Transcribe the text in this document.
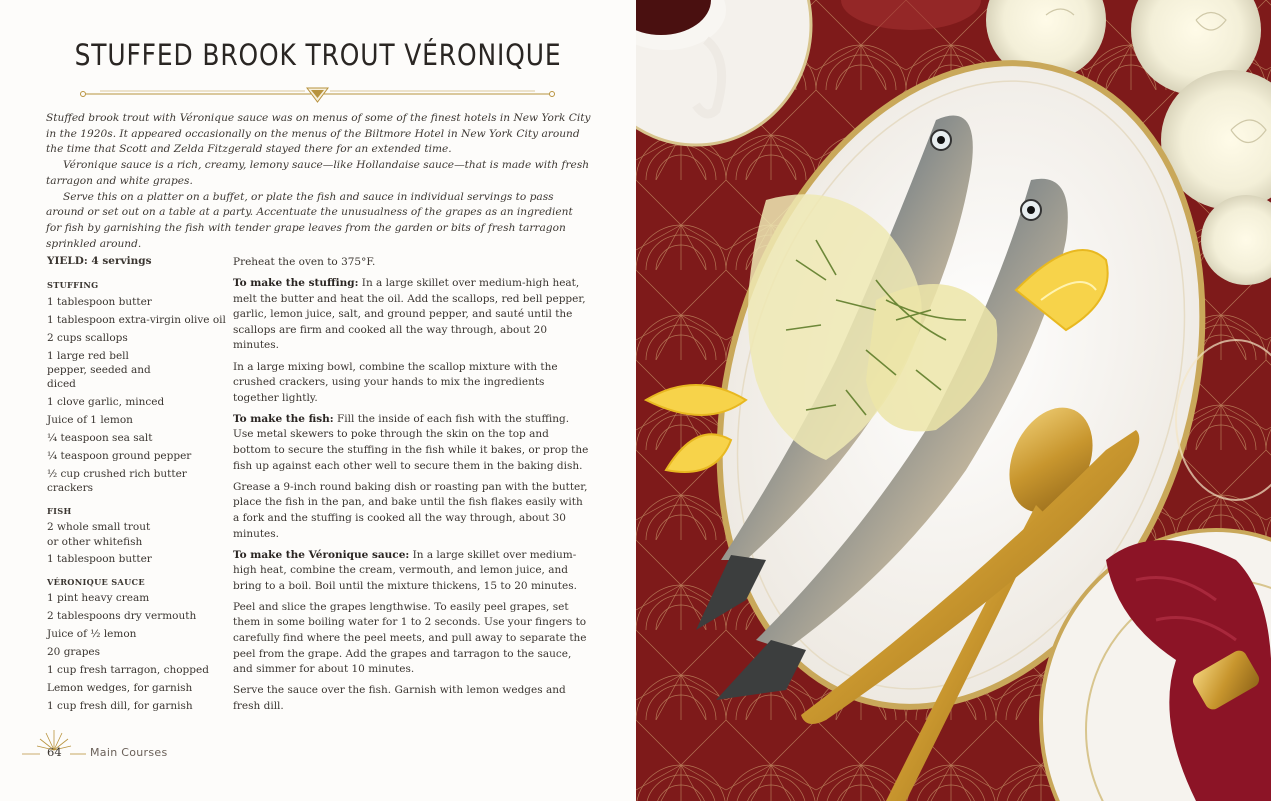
STUFFED BROOK TROUT VÉRONIQUE

Stuffed brook trout with Véronique sauce was on menus of some of the finest hotels in New York City in the 1920s. It appeared occasionally on the menus of the Biltmore Hotel in New York City around the time that Scott and Zelda Fitzgerald stayed there for an extended time.

Véronique sauce is a rich, creamy, lemony sauce—like Hollandaise sauce—that is made with fresh tarragon and white grapes.

Serve this on a platter on a buffet, or plate the fish and sauce in individual servings to pass around or set out on a table at a party. Accentuate the unusualness of the grapes as an ingredient for fish by garnishing the fish with tender grape leaves from the garden or bits of fresh tarragon sprinkled around.

YIELD: 4 servings
STUFFING
1 tablespoon butter
1 tablespoon extra-virgin olive oil
2 cups scallops
1 large red bell pepper, seeded and diced
1 clove garlic, minced
Juice of 1 lemon
¼ teaspoon sea salt
¼ teaspoon ground pepper
½ cup crushed rich butter crackers
FISH
2 whole small trout or other whitefish
1 tablespoon butter
VÉRONIQUE SAUCE
1 pint heavy cream
2 tablespoons dry vermouth
Juice of ½ lemon
20 grapes
1 cup fresh tarragon, chopped
Lemon wedges, for garnish
1 cup fresh dill, for garnish

Preheat the oven to 375°F.

To make the stuffing: In a large skillet over medium-high heat, melt the butter and heat the oil. Add the scallops, red bell pepper, garlic, lemon juice, salt, and ground pepper, and sauté until the scallops are firm and cooked all the way through, about 20 minutes.

In a large mixing bowl, combine the scallop mixture with the crushed crackers, using your hands to mix the ingredients together lightly.

To make the fish: Fill the inside of each fish with the stuffing. Use metal skewers to poke through the skin on the top and bottom to secure the stuffing in the fish while it bakes, or prop the fish up against each other well to secure them in the baking dish.

Grease a 9-inch round baking dish or roasting pan with the butter, place the fish in the pan, and bake until the fish flakes easily with a fork and the stuffing is cooked all the way through, about 30 minutes.

To make the Véronique sauce: In a large skillet over medium-high heat, combine the cream, vermouth, and lemon juice, and bring to a boil. Boil until the mixture thickens, 15 to 20 minutes.

Peel and slice the grapes lengthwise. To easily peel grapes, set them in some boiling water for 1 to 2 seconds. Use your fingers to carefully find where the peel meets, and pull away to separate the peel from the grape. Add the grapes and tarragon to the sauce, and simmer for about 10 minutes.

Serve the sauce over the fish. Garnish with lemon wedges and fresh dill.

64	Main Courses
